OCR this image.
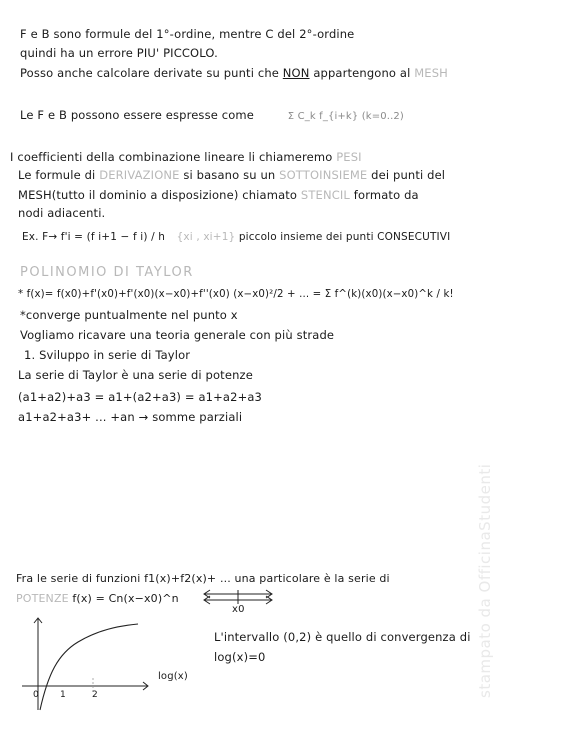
F e B sono formule del 1°-ordine, mentre C del 2°-ordine
quindi ha un errore PIU' PICCOLO.
Posso anche calcolare derivate su punti che NON appartengono al MESH
Le F e B possono essere espresse come	Σ C_k f_{i+k} (k=0..2)
I coefficienti della combinazione lineare li chiameremo PESI
Le formule di DERIVAZIONE si basano su un SOTTOINSIEME dei punti del
MESH(tutto il dominio a disposizione) chiamato STENCIL formato da
nodi adiacenti.
Ex. F→ f'i = (f i+1 − f i) / h {xi , xi+1} piccolo insieme dei punti CONSECUTIVI
POLINOMIO DI TAYLOR
* f(x)= f(x0)+f'(x0)+f'(x0)(x−x0)+f''(x0) (x−x0)²/2 + ... = Σ f^(k)(x0)(x−x0)^k / k!
*converge puntualmente nel punto x
Vogliamo ricavare una teoria generale con più strade
1. Sviluppo in serie di Taylor
La serie di Taylor è una serie di potenze
(a1+a2)+a3 = a1+(a2+a3) = a1+a2+a3
a1+a2+a3+ ... +an → somme parziali
Fra le serie di funzioni f1(x)+f2(x)+ ... una particolare è la serie di
POTENZE f(x) = Cn(x−x0)^n
x0
L'intervallo (0,2) è quello di convergenza di
log(x)=0
0 1	2
log(x)	stampato da OfficinaStudenti
